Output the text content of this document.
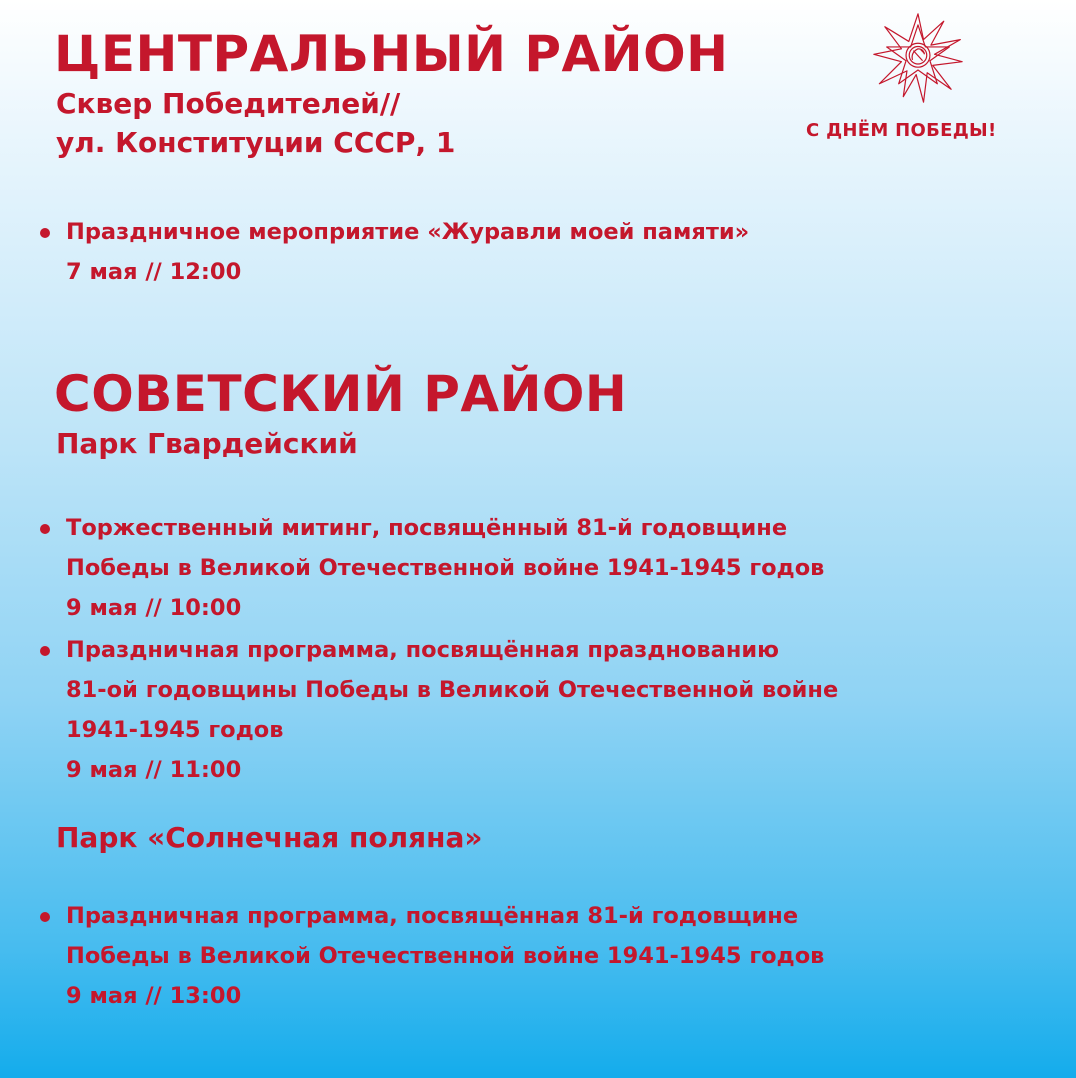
ЦЕНТРАЛЬНЫЙ РАЙОН
Сквер Победителей//
ул. Конституции СССР, 1
Праздничное мероприятие «Журавли моей памяти»
7 мая // 12:00
СОВЕТСКИЙ РАЙОН
Парк Гвардейский
Торжественный митинг, посвящённый 81-й годовщине
Победы в Великой Отечественной войне 1941-1945 годов
9 мая // 10:00
Праздничная программа, посвящённая празднованию
81-ой годовщины Победы в Великой Отечественной войне
1941-1945 годов
9 мая // 11:00
Парк «Солнечная поляна»
Праздничная программа, посвящённая 81-й годовщине
Победы в Великой Отечественной войне 1941-1945 годов
9 мая // 13:00
С ДНЁМ ПОБЕДЫ!
